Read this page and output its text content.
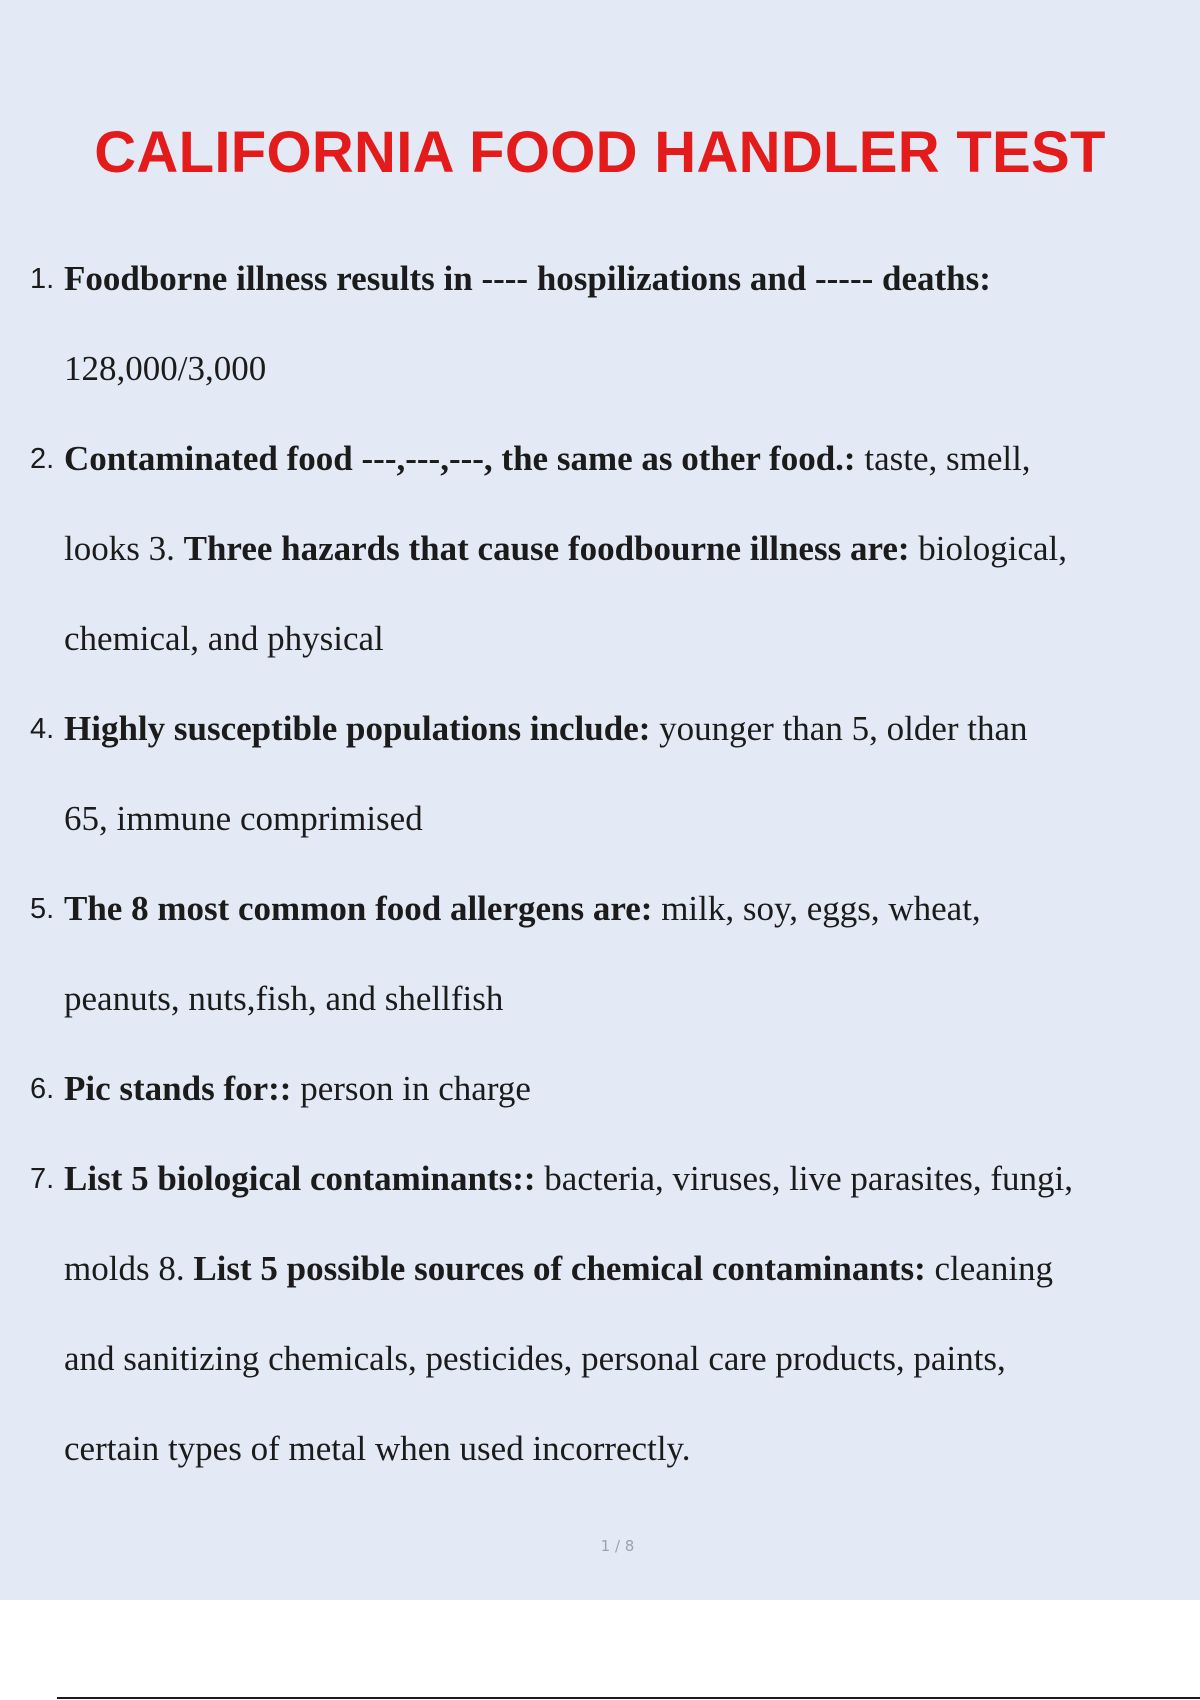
CALIFORNIA FOOD HANDLER TEST
1. Foodborne illness results in ---- hospilizations and ----- deaths:
128,000/3,000
2. Contaminated food ---,---,---, the same as other food.: taste, smell,
looks 3. Three hazards that cause foodbourne illness are: biological,
chemical, and physical
4. Highly susceptible populations include: younger than 5, older than
65, immune comprimised
5. The 8 most common food allergens are: milk, soy, eggs, wheat,
peanuts, nuts,fish, and shellfish
6. Pic stands for:: person in charge
7. List 5 biological contaminants:: bacteria, viruses, live parasites, fungi,
molds 8. List 5 possible sources of chemical contaminants: cleaning
and sanitizing chemicals, pesticides, personal care products, paints,
certain types of metal when used incorrectly.
1 / 8
